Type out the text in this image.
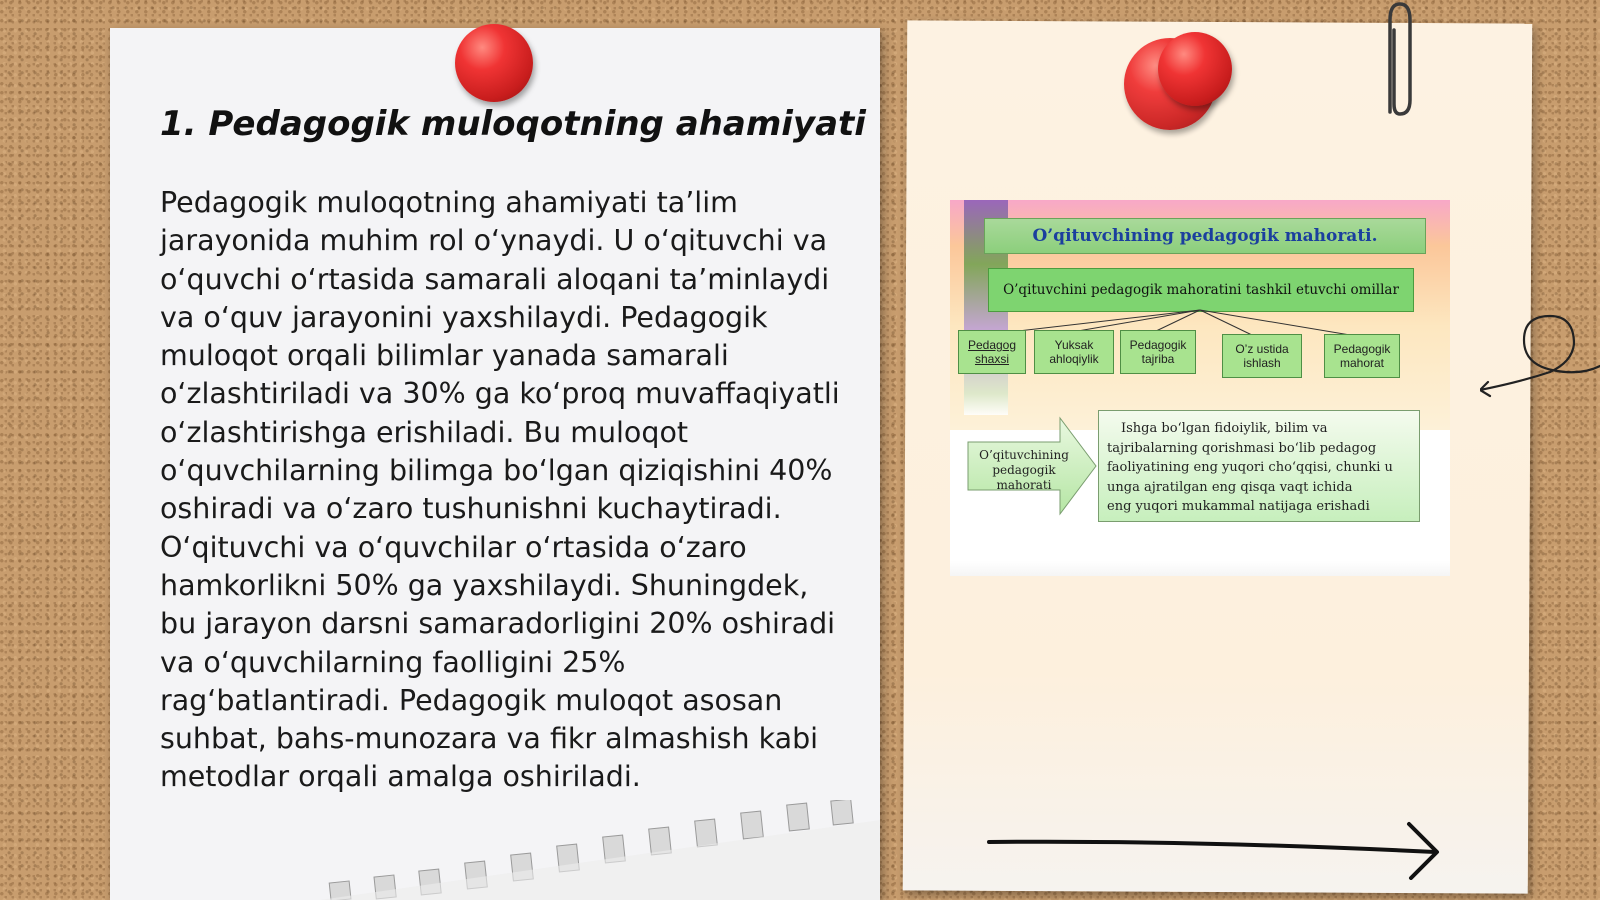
1. Pedagogik muloqotning ahamiyati

Pedagogik muloqotning ahamiyati ta’lim jarayonida muhim rol o‘ynaydi. U o‘qituvchi va o‘quvchi o‘rtasida samarali aloqani ta’minlaydi va o‘quv jarayonini yaxshilaydi. Pedagogik muloqot orqali bilimlar yanada samarali o‘zlashtiriladi va 30% ga ko‘proq muvaffaqiyatli o‘zlashtirishga erishiladi. Bu muloqot o‘quvchilarning bilimga bo‘lgan qiziqishini 40% oshiradi va o‘zaro tushunishni kuchaytiradi. O‘qituvchi va o‘quvchilar o‘rtasida o‘zaro hamkorlikni 50% ga yaxshilaydi. Shuningdek, bu jarayon darsni samaradorligini 20% oshiradi va o‘quvchilarning faolligini 25% rag‘batlantiradi. Pedagogik muloqot asosan suhbat, bahs-munozara va fikr almashish kabi metodlar orqali amalga oshiriladi.

O’qituvchining pedagogik mahorati.
O’qituvchini pedagogik mahoratini tashkil etuvchi omillar
Pedagog
shaxsi
Yuksak
ahloqiylik
Pedagogik
tajriba
O’z ustida
ishlash
Pedagogik
mahorat
O’qituvchining
pedagogik mahorati
Ishga bo‘lgan fidoiylik, bilim va
tajribalarning qorishmasi bo‘lib pedagog
faoliyatining eng yuqori cho‘qqisi, chunki u
unga ajratilgan eng qisqa vaqt ichida
eng yuqori mukammal natijaga erishadi
